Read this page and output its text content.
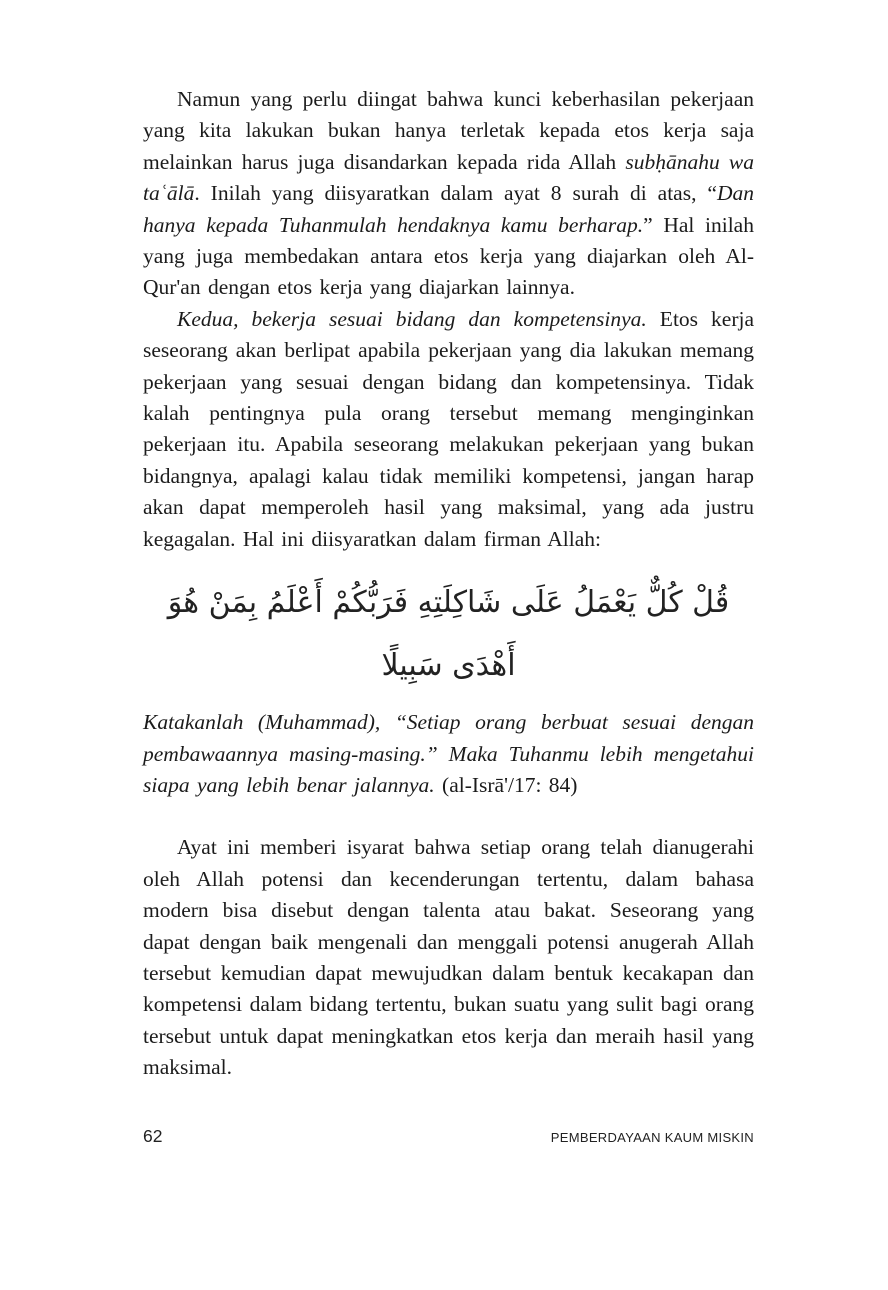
Namun yang perlu diingat bahwa kunci keberhasilan pekerjaan yang kita lakukan bukan hanya terletak kepada etos kerja saja melainkan harus juga disandarkan kepada rida Allah subḥānahu wa taʿālā. Inilah yang diisyaratkan dalam ayat 8 surah di atas, “Dan hanya kepada Tuhanmulah hendaknya kamu berharap.” Hal inilah yang juga membedakan antara etos kerja yang diajarkan oleh Al-Qur'an dengan etos kerja yang diajarkan lainnya.

Kedua, bekerja sesuai bidang dan kompetensinya. Etos kerja seseorang akan berlipat apabila pekerjaan yang dia lakukan memang pekerjaan yang sesuai dengan bidang dan kompetensinya. Tidak kalah pentingnya pula orang tersebut memang menginginkan pekerjaan itu. Apabila seseorang melakukan pekerjaan yang bukan bidangnya, apalagi kalau tidak memiliki kompetensi, jangan harap akan dapat memperoleh hasil yang maksimal, yang ada justru kegagalan. Hal ini diisyaratkan dalam firman Allah:

قُلْ كُلٌّ يَعْمَلُ عَلَى شَاكِلَتِهِ فَرَبُّكُمْ أَعْلَمُ بِمَنْ هُوَ أَهْدَى سَبِيلًا

Katakanlah (Muhammad), “Setiap orang berbuat sesuai dengan pembawaannya masing-masing.” Maka Tuhanmu lebih mengetahui siapa yang lebih benar jalannya. (al-Isrā'/17: 84)

Ayat ini memberi isyarat bahwa setiap orang telah dianugerahi oleh Allah potensi dan kecenderungan tertentu, dalam bahasa modern bisa disebut dengan talenta atau bakat. Seseorang yang dapat dengan baik mengenali dan menggali potensi anugerah Allah tersebut kemudian dapat mewujudkan dalam bentuk kecakapan dan kompetensi dalam bidang tertentu, bukan suatu yang sulit bagi orang tersebut untuk dapat meningkatkan etos kerja dan meraih hasil yang maksimal.

62	PEMBERDAYAAN KAUM MISKIN
